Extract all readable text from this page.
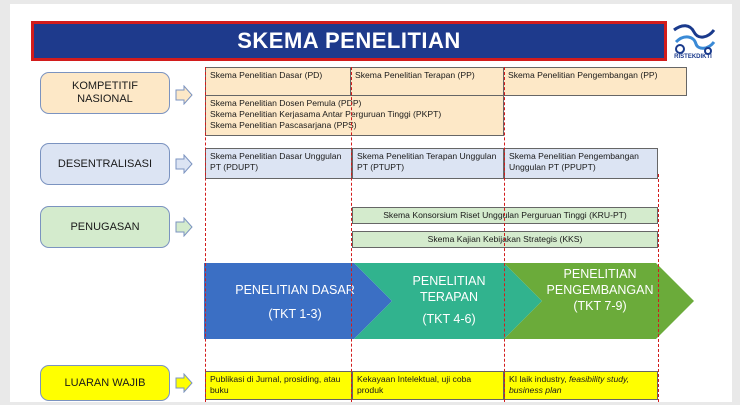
SKEMA PENELITIAN
RISTEKDIKTI
KOMPETITIF NASIONAL
DESENTRALISASI
PENUGASAN
LUARAN WAJIB
Skema Penelitian Dasar (PD)	Skema Penelitian Terapan (PP)	Skema Penelitian Pengembangan (PP)
Skema Penelitian Dosen Pemula (PDP)
Skema Penelitian Kerjasama Antar Perguruan Tinggi (PKPT)
Skema Penelitian Pascasarjana (PPS)
Skema Penelitian Dasar Unggulan PT (PDUPT)
Skema Penelitian Terapan Unggulan PT (PTUPT)
Skema Penelitian Pengembangan Unggulan PT (PPUPT)
Skema Konsorsium Riset Unggulan Perguruan Tinggi (KRU-PT)
Skema Kajian Kebijakan Strategis (KKS)
PENELITIAN DASAR
(TKT 1-3)
PENELITIAN TERAPAN
(TKT 4-6)
PENELITIAN PENGEMBANGAN
(TKT 7-9)
Publikasi di Jurnal, prosiding, atau buku
Kekayaan Intelektual, uji coba produk
KI laik industry, feasibility study, business plan
